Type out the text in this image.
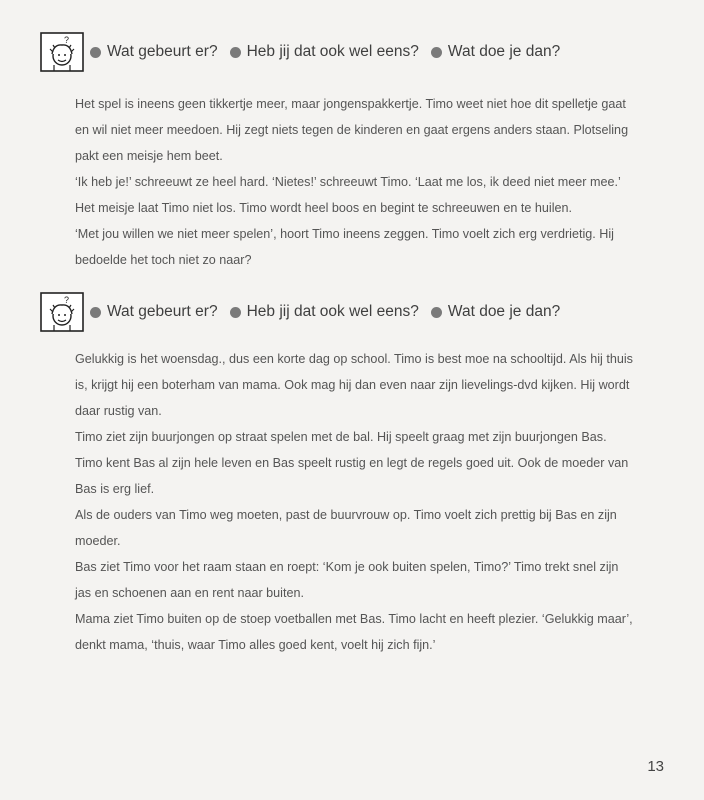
?
Wat gebeurt er? Heb jij dat ook wel eens? Wat doe je dan?

Het spel is ineens geen tikkertje meer, maar jongenspakkertje. Timo weet niet hoe dit spelletje gaat

en wil niet meer meedoen. Hij zegt niets tegen de kinderen en gaat ergens anders staan. Plotseling

pakt een meisje hem beet.

‘Ik heb je!’ schreeuwt ze heel hard. ‘Nietes!’ schreeuwt Timo. ‘Laat me los, ik deed niet meer mee.’

Het meisje laat Timo niet los. Timo wordt heel boos en begint te schreeuwen en te huilen.

‘Met jou willen we niet meer spelen’, hoort Timo ineens zeggen. Timo voelt zich erg verdrietig. Hij

bedoelde het toch niet zo naar?

?
Wat gebeurt er? Heb jij dat ook wel eens? Wat doe je dan?

Gelukkig is het woensdag., dus een korte dag op school. Timo is best moe na schooltijd. Als hij thuis

is, krijgt hij een boterham van mama. Ook mag hij dan even naar zijn lievelings-dvd kijken. Hij wordt

daar rustig van.

Timo ziet zijn buurjongen op straat spelen met de bal. Hij speelt graag met zijn buurjongen Bas.

Timo kent Bas al zijn hele leven en Bas speelt rustig en legt de regels goed uit. Ook de moeder van

Bas is erg lief.

Als de ouders van Timo weg moeten, past de buurvrouw op. Timo voelt zich prettig bij Bas en zijn

moeder.

Bas ziet Timo voor het raam staan en roept: ‘Kom je ook buiten spelen, Timo?’ Timo trekt snel zijn

jas en schoenen aan en rent naar buiten.

Mama ziet Timo buiten op de stoep voetballen met Bas. Timo lacht en heeft plezier. ‘Gelukkig maar’,

denkt mama, ‘thuis, waar Timo alles goed kent, voelt hij zich fijn.’

13
